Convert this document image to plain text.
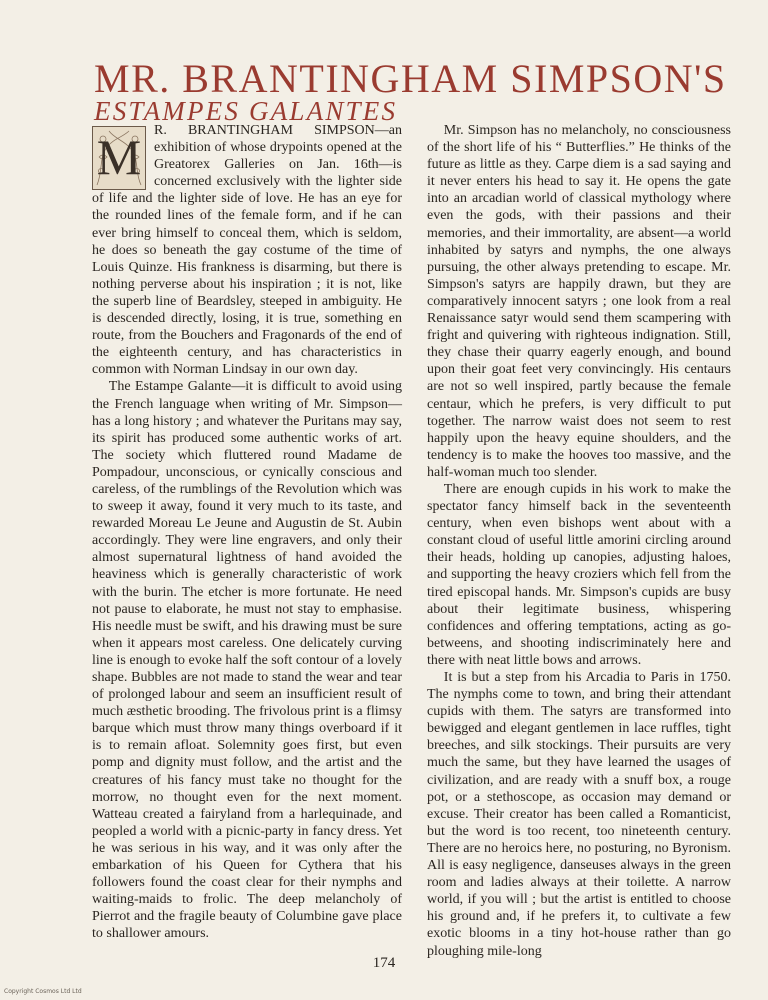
MR. BRANTINGHAM SIMPSON'S
ESTAMPES GALANTES
M R. BRANTINGHAM SIMPSON—an exhibition of whose drypoints opened at the Greatorex Galleries on Jan. 16th—is concerned exclusively with the lighter side of life and the lighter side of love. He has an eye for the rounded lines of the female form, and if he can ever bring himself to conceal them, which is seldom, he does so beneath the gay costume of the time of Louis Quinze. His frankness is disarming, but there is nothing perverse about his inspiration ; it is not, like the superb line of Beardsley, steeped in ambiguity. He is descended directly, losing, it is true, something en route, from the Bouchers and Fragonards of the end of the eighteenth century, and has characteristics in common with Norman Lindsay in our own day.

The Estampe Galante—it is difficult to avoid using the French language when writing of Mr. Simpson—has a long history ; and whatever the Puritans may say, its spirit has produced some authentic works of art. The society which fluttered round Madame de Pompadour, unconscious, or cynically conscious and careless, of the rumblings of the Revolution which was to sweep it away, found it very much to its taste, and rewarded Moreau Le Jeune and Augustin de St. Aubin accordingly. They were line engravers, and only their almost supernatural lightness of hand avoided the heaviness which is generally characteristic of work with the burin. The etcher is more fortunate. He need not pause to elaborate, he must not stay to emphasise. His needle must be swift, and his drawing must be sure when it appears most careless. One delicately curving line is enough to evoke half the soft contour of a lovely shape. Bubbles are not made to stand the wear and tear of prolonged labour and seem an insufficient result of much æsthetic brooding. The frivolous print is a flimsy barque which must throw many things overboard if it is to remain afloat. Solemnity goes first, but even pomp and dignity must follow, and the artist and the creatures of his fancy must take no thought for the morrow, no thought even for the next moment. Watteau created a fairyland from a harlequinade, and peopled a world with a picnic-party in fancy dress. Yet he was serious in his way, and it was only after the embarkation of his Queen for Cythera that his followers found the coast clear for their nymphs and waiting-maids to frolic. The deep melancholy of Pierrot and the fragile beauty of Columbine gave place to shallower amours.

Mr. Simpson has no melancholy, no consciousness of the short life of his “ Butterflies.” He thinks of the future as little as they. Carpe diem is a sad saying and it never enters his head to say it. He opens the gate into an arcadian world of classical mythology where even the gods, with their passions and their memories, and their immortality, are absent—a world inhabited by satyrs and nymphs, the one always pursuing, the other always pretending to escape. Mr. Simpson's satyrs are happily drawn, but they are comparatively innocent satyrs ; one look from a real Renaissance satyr would send them scampering with fright and quivering with righteous indignation. Still, they chase their quarry eagerly enough, and bound upon their goat feet very convincingly. His centaurs are not so well inspired, partly because the female centaur, which he prefers, is very difficult to put together. The narrow waist does not seem to rest happily upon the heavy equine shoulders, and the tendency is to make the hooves too massive, and the half-woman much too slender.

There are enough cupids in his work to make the spectator fancy himself back in the seventeenth century, when even bishops went about with a constant cloud of useful little amorini circling around their heads, holding up canopies, adjusting haloes, and supporting the heavy croziers which fell from the tired episcopal hands. Mr. Simpson's cupids are busy about their legitimate business, whispering confidences and offering temptations, acting as go-betweens, and shooting indiscriminately here and there with neat little bows and arrows.

It is but a step from his Arcadia to Paris in 1750. The nymphs come to town, and bring their attendant cupids with them. The satyrs are transformed into bewigged and elegant gentlemen in lace ruffles, tight breeches, and silk stockings. Their pursuits are very much the same, but they have learned the usages of civilization, and are ready with a snuff box, a rouge pot, or a stethoscope, as occasion may demand or excuse. Their creator has been called a Romanticist, but the word is too recent, too nineteenth century. There are no heroics here, no posturing, no Byronism. All is easy negligence, danseuses always in the green room and ladies always at their toilette. A narrow world, if you will ; but the artist is entitled to choose his ground and, if he prefers it, to cultivate a few exotic blooms in a tiny hot-house rather than go ploughing mile-long

174
Copyright Cosmos Ltd Ltd
